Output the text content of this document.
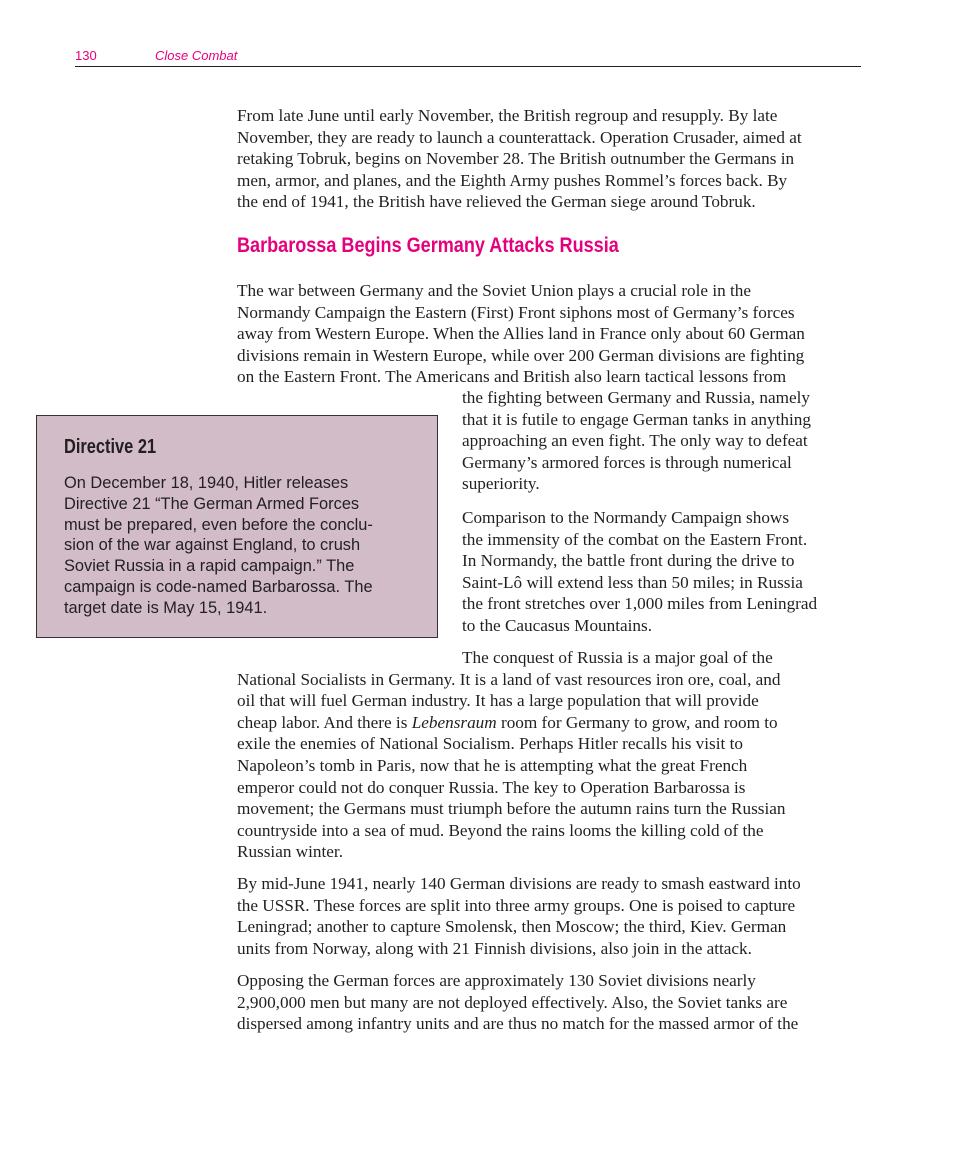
130	Close Combat
From late June until early November, the British regroup and resupply. By late
November, they are ready to launch a counterattack. Operation Crusader, aimed at
retaking Tobruk, begins on November 28. The British outnumber the Germans in
men, armor, and planes, and the Eighth Army pushes Rommel’s forces back. By
the end of 1941, the British have relieved the German siege around Tobruk.
Barbarossa Begins Germany Attacks Russia
The war between Germany and the Soviet Union plays a crucial role in the
Normandy Campaign the Eastern (First) Front siphons most of Germany’s forces
away from Western Europe. When the Allies land in France only about 60 German
divisions remain in Western Europe, while over 200 German divisions are fighting
on the Eastern Front. The Americans and British also learn tactical lessons from
the fighting between Germany and Russia, namely
that it is futile to engage German tanks in anything
approaching an even fight. The only way to defeat
Germany’s armored forces is through numerical
superiority.
Comparison to the Normandy Campaign shows
the immensity of the combat on the Eastern Front.
In Normandy, the battle front during the drive to
Saint-Lô will extend less than 50 miles; in Russia
the front stretches over 1,000 miles from Leningrad
to the Caucasus Mountains.
The conquest of Russia is a major goal of the
National Socialists in Germany. It is a land of vast resources iron ore, coal, and
oil that will fuel German industry. It has a large population that will provide
cheap labor. And there is Lebensraum room for Germany to grow, and room to
exile the enemies of National Socialism. Perhaps Hitler recalls his visit to
Napoleon’s tomb in Paris, now that he is attempting what the great French
emperor could not do conquer Russia. The key to Operation Barbarossa is
movement; the Germans must triumph before the autumn rains turn the Russian
countryside into a sea of mud. Beyond the rains looms the killing cold of the
Russian winter.
By mid-June 1941, nearly 140 German divisions are ready to smash eastward into
the USSR. These forces are split into three army groups. One is poised to capture
Leningrad; another to capture Smolensk, then Moscow; the third, Kiev. German
units from Norway, along with 21 Finnish divisions, also join in the attack.
Opposing the German forces are approximately 130 Soviet divisions nearly
2,900,000 men but many are not deployed effectively. Also, the Soviet tanks are
dispersed among infantry units and are thus no match for the massed armor of the
Directive 21
On December 18, 1940, Hitler releases
Directive 21 “The German Armed Forces
must be prepared, even before the conclu-
sion of the war against England, to crush
Soviet Russia in a rapid campaign.” The
campaign is code-named Barbarossa. The
target date is May 15, 1941.
